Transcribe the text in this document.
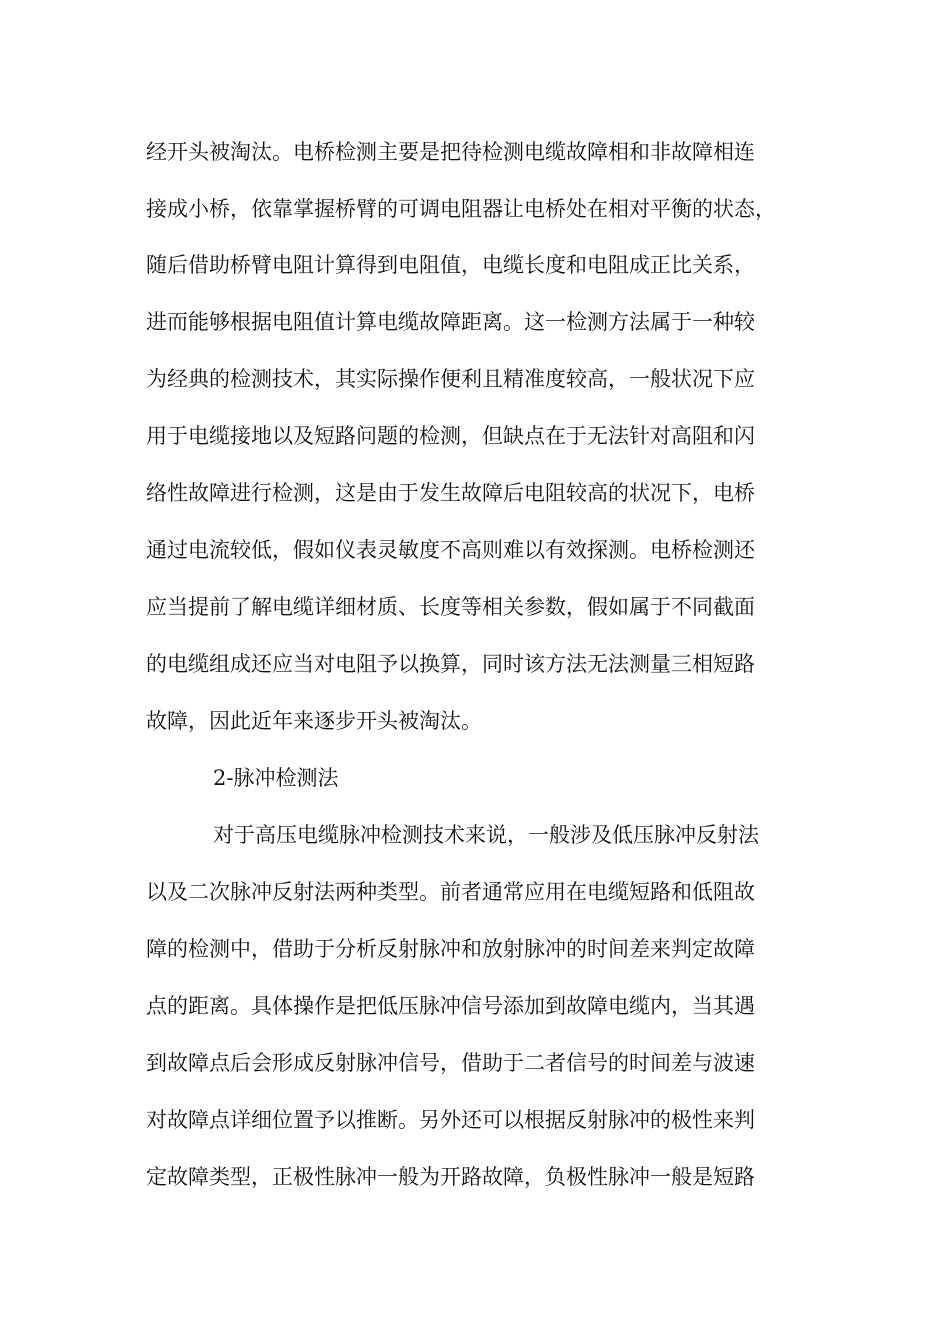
经开头被淘汰。电桥检测主要是把待检测电缆故障相和非故障相连
接成小桥，依靠掌握桥臂的可调电阻器让电桥处在相对平衡的状态，
随后借助桥臂电阻计算得到电阻值，电缆长度和电阻成正比关系，
进而能够根据电阻值计算电缆故障距离。这一检测方法属于一种较
为经典的检测技术，其实际操作便利且精准度较高，一般状况下应
用于电缆接地以及短路问题的检测，但缺点在于无法针对高阻和闪
络性故障进行检测，这是由于发生故障后电阻较高的状况下，电桥
通过电流较低，假如仪表灵敏度不高则难以有效探测。电桥检测还
应当提前了解电缆详细材质、长度等相关参数，假如属于不同截面
的电缆组成还应当对电阻予以换算，同时该方法无法测量三相短路
故障，因此近年来逐步开头被淘汰。
2-脉冲检测法
对于高压电缆脉冲检测技术来说，一般涉及低压脉冲反射法
以及二次脉冲反射法两种类型。前者通常应用在电缆短路和低阻故
障的检测中，借助于分析反射脉冲和放射脉冲的时间差来判定故障
点的距离。具体操作是把低压脉冲信号添加到故障电缆内，当其遇
到故障点后会形成反射脉冲信号，借助于二者信号的时间差与波速
对故障点详细位置予以推断。另外还可以根据反射脉冲的极性来判
定故障类型，正极性脉冲一般为开路故障，负极性脉冲一般是短路
